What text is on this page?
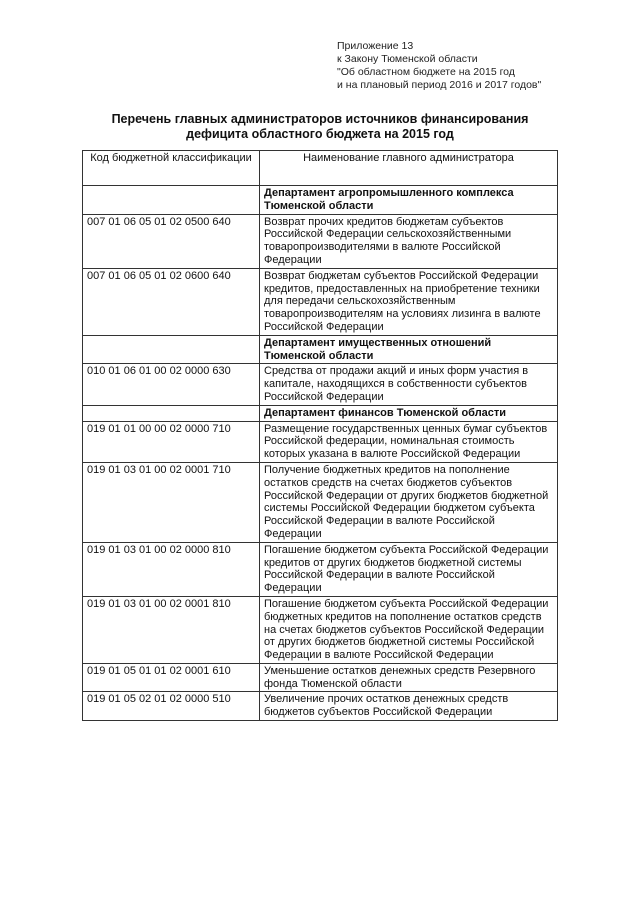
Приложение 13
к Закону Тюменской области
"Об областном бюджете на 2015 год
и на плановый период 2016 и 2017 годов"
Перечень главных администраторов источников финансирования
дефицита областного бюджета на 2015 год
Код бюджетной классификации	Наименование главного администратора
	Департамент агропромышленного комплекса Тюменской области
007 01 06 05 01 02 0500 640	Возврат прочих кредитов бюджетам субъектов Российской Федерации сельскохозяйственными товаропроизводителями в валюте Российской Федерации
007 01 06 05 01 02 0600 640	Возврат бюджетам субъектов Российской Федерации кредитов, предоставленных на приобретение техники для передачи сельскохозяйственным товаропроизводителям на условиях лизинга в валюте Российской Федерации
	Департамент имущественных отношений Тюменской области
010 01 06 01 00 02 0000 630	Средства от продажи акций и иных форм участия в капитале, находящихся в собственности субъектов Российской Федерации
	Департамент финансов Тюменской области
019 01 01 00 00 02 0000 710	Размещение государственных ценных бумаг субъектов Российской федерации, номинальная стоимость которых указана в валюте Российской Федерации
019 01 03 01 00 02 0001 710	Получение бюджетных кредитов на пополнение остатков средств на счетах бюджетов субъектов Российской Федерации от других бюджетов бюджетной системы Российской Федерации бюджетом субъекта Российской Федерации в валюте Российской Федерации
019 01 03 01 00 02 0000 810	Погашение бюджетом субъекта Российской Федерации кредитов от других бюджетов бюджетной системы Российской Федерации в валюте Российской Федерации
019 01 03 01 00 02 0001 810	Погашение бюджетом субъекта Российской Федерации бюджетных кредитов на пополнение остатков средств на счетах бюджетов субъектов Российской Федерации от других бюджетов бюджетной системы Российской Федерации в валюте Российской Федерации
019 01 05 01 01 02 0001 610	Уменьшение остатков денежных средств Резервного фонда Тюменской области
019 01 05 02 01 02 0000 510	Увеличение прочих остатков денежных средств бюджетов субъектов Российской Федерации
